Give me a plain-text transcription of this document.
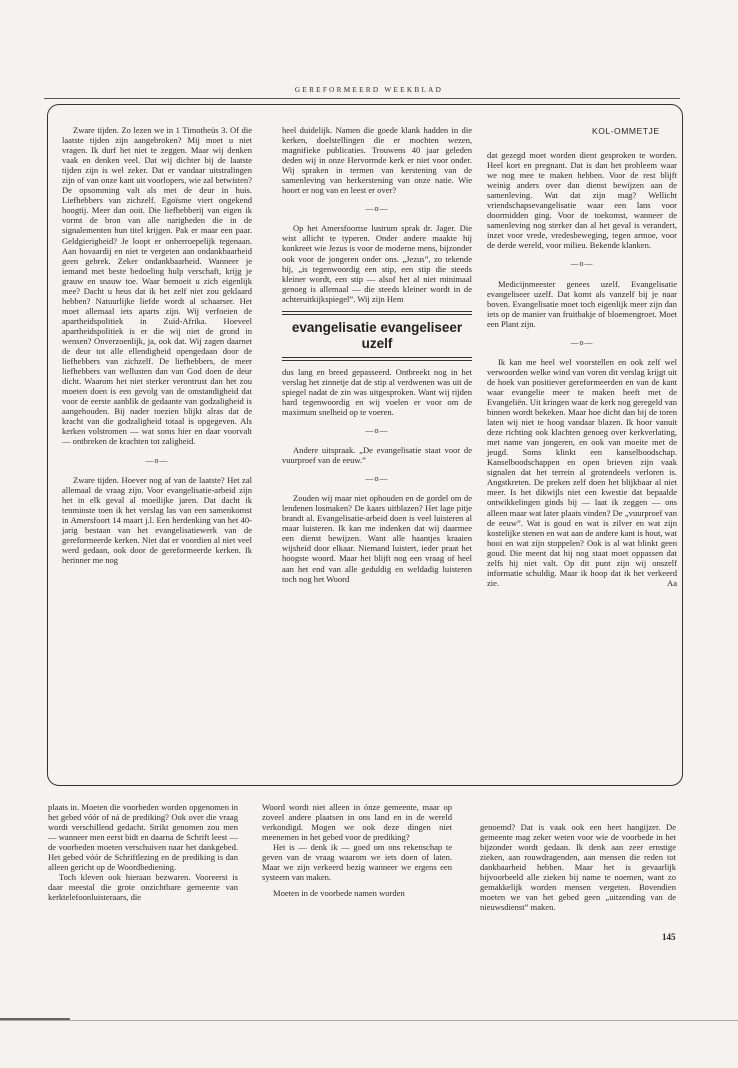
GEREFORMEERD WEEKBLAD
KOL-OMMETJE

Zware tijden. Zo lezen we in 1 Timotheüs 3. Of die laatste tijden zijn aangebroken? Mij moet u niet vragen. Ik durf het niet te zeggen. Maar wij denken vaak en denken veel. Dat wij dichter bij de laatste tijden zijn is wel zeker. Dat er vandaar uitstralingen zijn of van onze kant uit voorlopers, wie zal betwisten? De opsomming valt als met de deur in huis. Liefhebbers van zichzelf. Egoïsme viert ongekend hoogtij. Meer dan ooit. Die liefhebberij van eigen ik vormt de bron van alle narigheden die in de signalementen hun titel krijgen. Pak er maar een paar. Geldgierigheid? Je loopt er onherroepelijk tegenaan. Aan hovaardij en niet te vergeten aan ondankbaarheid geen gebrek. Zeker ondankbaarheid. Wanneer je iemand met beste bedoeling hulp verschaft, krijg je grauw en snauw toe. Waar bemoeit u zich eigenlijk mee? Dacht u heus dat ik het zelf niet zou geklaard hebben? Natuurlijke liefde wordt al schaarser. Het moet allemaal iets aparts zijn. Wij verfoeien de apartheidspolitiek in Zuid-Afrika. Hoeveel apartheidspolitiek is er die wij niet de grond in wensen? Onverzoenlijk, ja, ook dat. Wij zagen daarnet de deur tot alle ellendigheid opengedaan door de liefhebbers van zichzelf. De liefhebbers, de meer liefhebbers van wellusten dan van God doen de deur dicht. Waarom het niet sterker verontrust dan het zou moeten doen is een gevolg van de omstandigheid dat voor de eerste aanblik de gedaante van godzaligheid is aangehouden. Bij nader toezien blijkt alras dat de kracht van die godzaligheid totaal is opgegeven. Als kerken volstromen — wat soms hier en daar voorvalt — ontbreken de krachten tot zaligheid.

—o—

Zware tijden. Hoever nog af van de laatste? Het zal allemaal de vraag zijn. Voor evangelisatie-arbeid zijn het in elk geval al moeilijke jaren. Dat dacht ik tenminste toen ik het verslag las van een samenkomst in Amersfoort 14 maart j.l. Een herdenking van het 40-jarig bestaan van het evangelisatiewerk van de gereformeerde kerken. Niet dat er voordien al niet veel werd gedaan, ook door de gereformeerde kerken. Ik herinner me nog

heel duidelijk. Namen die goede klank hadden in die kerken, doelstellingen die er mochten wezen, magnifieke publicaties. Trouwens 40 jaar geleden deden wij in onze Hervormde kerk er niet voor onder. Wij spraken in termen van kerstening van de samenleving van herkerstening van onze natie. Wie hoort er nog van en leest er over?

—o—

Op het Amersfoortse lustrum sprak dr. Jager. Die wist allicht te typeren. Onder andere maakte hij konkreet wie Jezus is voor de moderne mens, bijzonder ook voor de jongeren onder ons. „Jezus”, zo tekende hij, „is tegenwoordig een stip, een stip die steeds kleiner wordt, een stip — alsof het al niet minimaal genoeg is allemaal — die steeds kleiner wordt in de achteruitkijkspiegel”. Wij zijn Hem

evangelisatie evangeliseer uzelf

dus lang en breed gepasseerd. Ontbreekt nog in het verslag het zinnetje dat de stip al verdwenen was uit de spiegel nadat de zin was uitgesproken. Want wij rijden hard tegenwoordig en wij voelen er voor om de maximum snelheid op te voeren.

—o—

Andere uitspraak. „De evangelisatie staat voor de vuurproef van de eeuw.”

—o—

Zouden wij maar niet ophouden en de gordel om de lendenen losmaken? De kaars uitblazen? Het lage pitje brandt al. Evangelisatie-arbeid doen is veel luisteren al maar luisteren. Ik kan me indenken dat wij daarmee een dienst bewijzen. Want alle haantjes kraaien wijsheid door elkaar. Niemand luistert, ieder praat het hoogste woord. Maar het blijft nog een vraag of heel aan het end van alle geduldig en weldadig luisteren toch nog het Woord

dat gezegd moet worden dient gesproken te worden. Heel kort en pregnant. Dat is dan het probleem waar we nog mee te maken hebben. Voor de rest blijft weinig anders over dan dienst bewijzen aan de samenleving. Wat dat zijn mag? Wellicht vriendschapsevangelisatie waar een lans voor doormidden ging. Voor de toekomst, wanneer de samenleving nog sterker dan al het geval is verandert, inzet voor vrede, vredesbeweging, tegen armoe, voor de derde wereld, voor milieu. Bekende klanken.

—o—

Medicijnmeester genees uzelf. Evangelisatie evangeliseer uzelf. Dat komt als vanzelf bij je naar boven. Evangelisatie moet toch eigenlijk meer zijn dan iets op de manier van fruitbakje of bloemengroet. Moet een Plant zijn.

—o—

Ik kan me heel wel voorstellen en ook zelf wel verwoorden welke wind van voren dit verslag krijgt uit de hoek van positiever gereformeerden en van de kant waar evangelie meer te maken heeft met de Evangeliën. Uit kringen waar de kerk nog geregeld van binnen wordt bekeken. Maar hoe dicht dan bij de toren laten wij niet te hoog vandaar blazen. Ik hoor vanuit deze richting ook klachten genoeg over kerkverlating, met name van jongeren, en ook van moeite met de jeugd. Soms klinkt een kanselboodschap. Kanselboodschappen en open brieven zijn vaak signalen dat het terrein al grotendeels verloren is. Angstkreten. De preken zelf doen het blijkbaar al niet meer. Is het dikwijls niet een kwestie dat bepaalde ontwikkelingen ginds bij — laat ik zeggen — ons alleen maar wat later plaats vinden? De „vuurproef van de eeuw”. Wat is goud en wat is zilver en wat zijn kostelijke stenen en wat aan de andere kant is hout, wat hooi en wat zijn stoppelen? Ook is al wat blinkt geen goud. Die meent dat hij nog staat moet oppassen dat zelfs hij niet valt. Op dit punt zijn wij onszelf informatie schuldig. Maar ik hoop dat ik het verkeerd zie.	Aa

plaats in. Moeten die voorbeden worden opgenomen in het gebed vóór of ná de prediking? Ook over die vraag wordt verschillend gedacht. Strikt genomen zou men — wanneer men eerst bidt en daarna de Schrift leest — de voorbeden moeten verschuiven naar het dankgebed. Het gebed vóór de Schriftlezing en de prediking is dan alleen gericht op de Woordbediening.

Toch kleven ook hieraan bezwaren. Vooreerst is daar meestal die grote onzichtbare gemeente van kerktelefoonluisteraars, die

Woord wordt niet alleen in ónze gemeente, maar op zoveel andere plaatsen in ons land en in de wereld verkondigd. Mogen we ook deze dingen niet meenemen in het gebed voor de prediking?

Het is — denk ik — goed om ons rekenschap te geven van de vraag waarom we iets doen of laten. Maar we zijn verkeerd bezig wanneer we ergens een systeem van maken.

Moeten in de voorbede namen worden

genoemd? Dat is vaak ook een heet hangijzer. De gemeente mag zeker weten voor wie de voorbede in het bijzonder wordt gedaan. Ik denk aan zeer ernstige zieken, aan rouwdragenden, aan mensen die reden tot dankbaarheid hebben. Maar het is gevaarlijk bijvoorbeeld alle zieken bij name te noemen, want zo gemakkelijk worden mensen vergeten. Bovendien moeten we van het gebed geen „uitzending van de nieuwsdienst” maken.

145
